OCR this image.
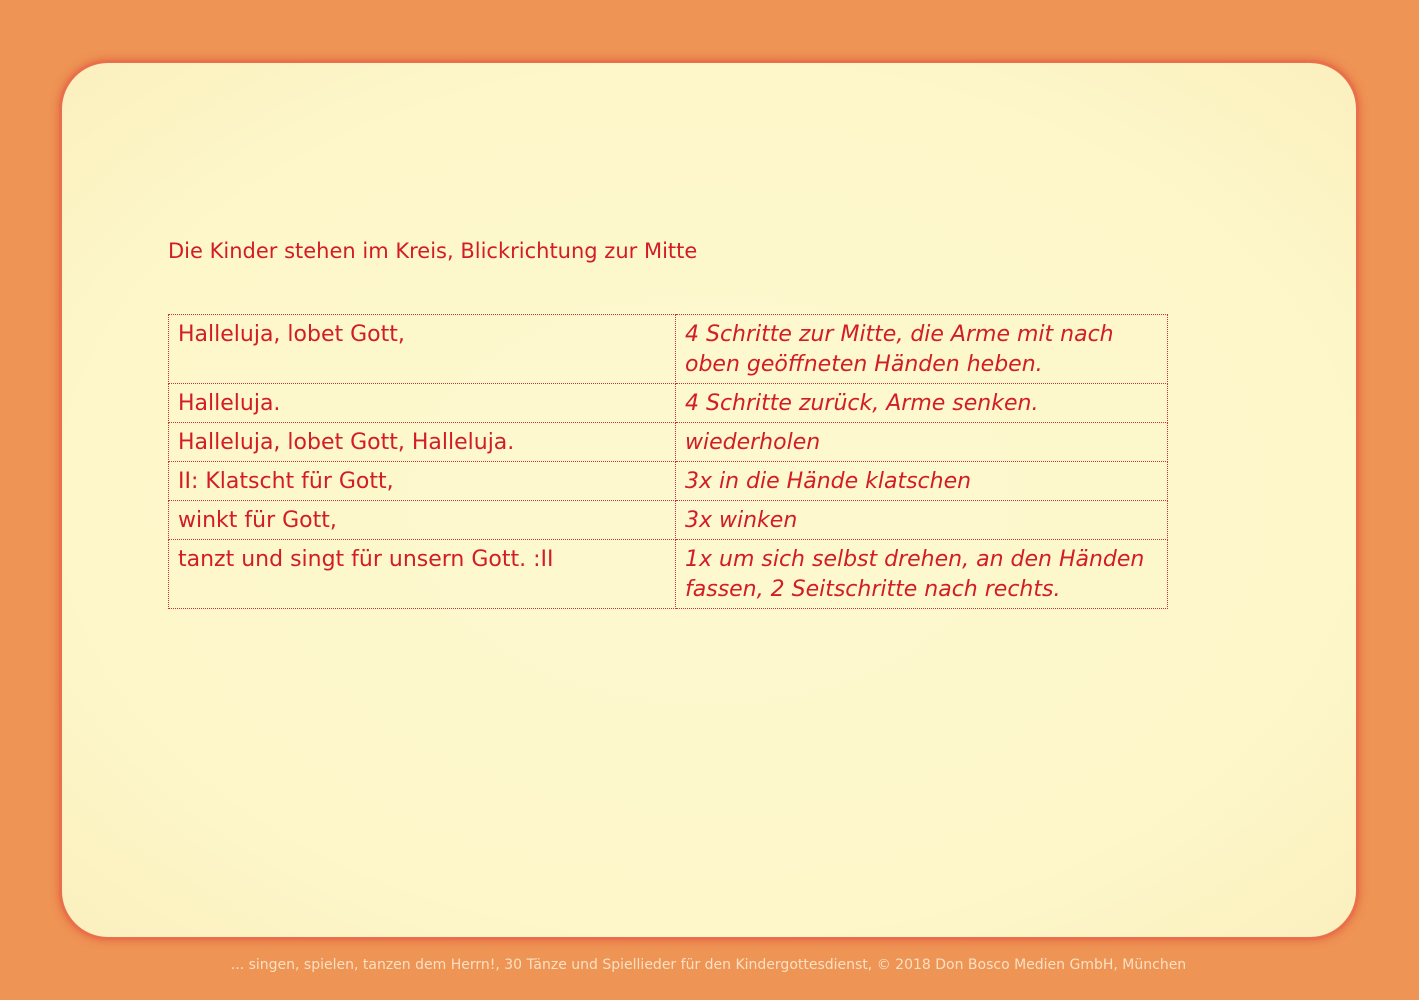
Die Kinder stehen im Kreis, Blickrichtung zur Mitte
Halleluja, lobet Gott,	4 Schritte zur Mitte, die Arme mit nach oben geöffneten Händen heben.
Halleluja.	4 Schritte zurück, Arme senken.
Halleluja, lobet Gott, Halleluja.	wiederholen
II: Klatscht für Gott,	3x in die Hände klatschen
winkt für Gott,	3x winken
tanzt und singt für unsern Gott. :II	1x um sich selbst drehen, an den Händen fassen, 2 Seitschritte nach rechts.
... singen, spielen, tanzen dem Herrn!, 30 Tänze und Spiellieder für den Kindergottesdienst, © 2018 Don Bosco Medien GmbH, München
